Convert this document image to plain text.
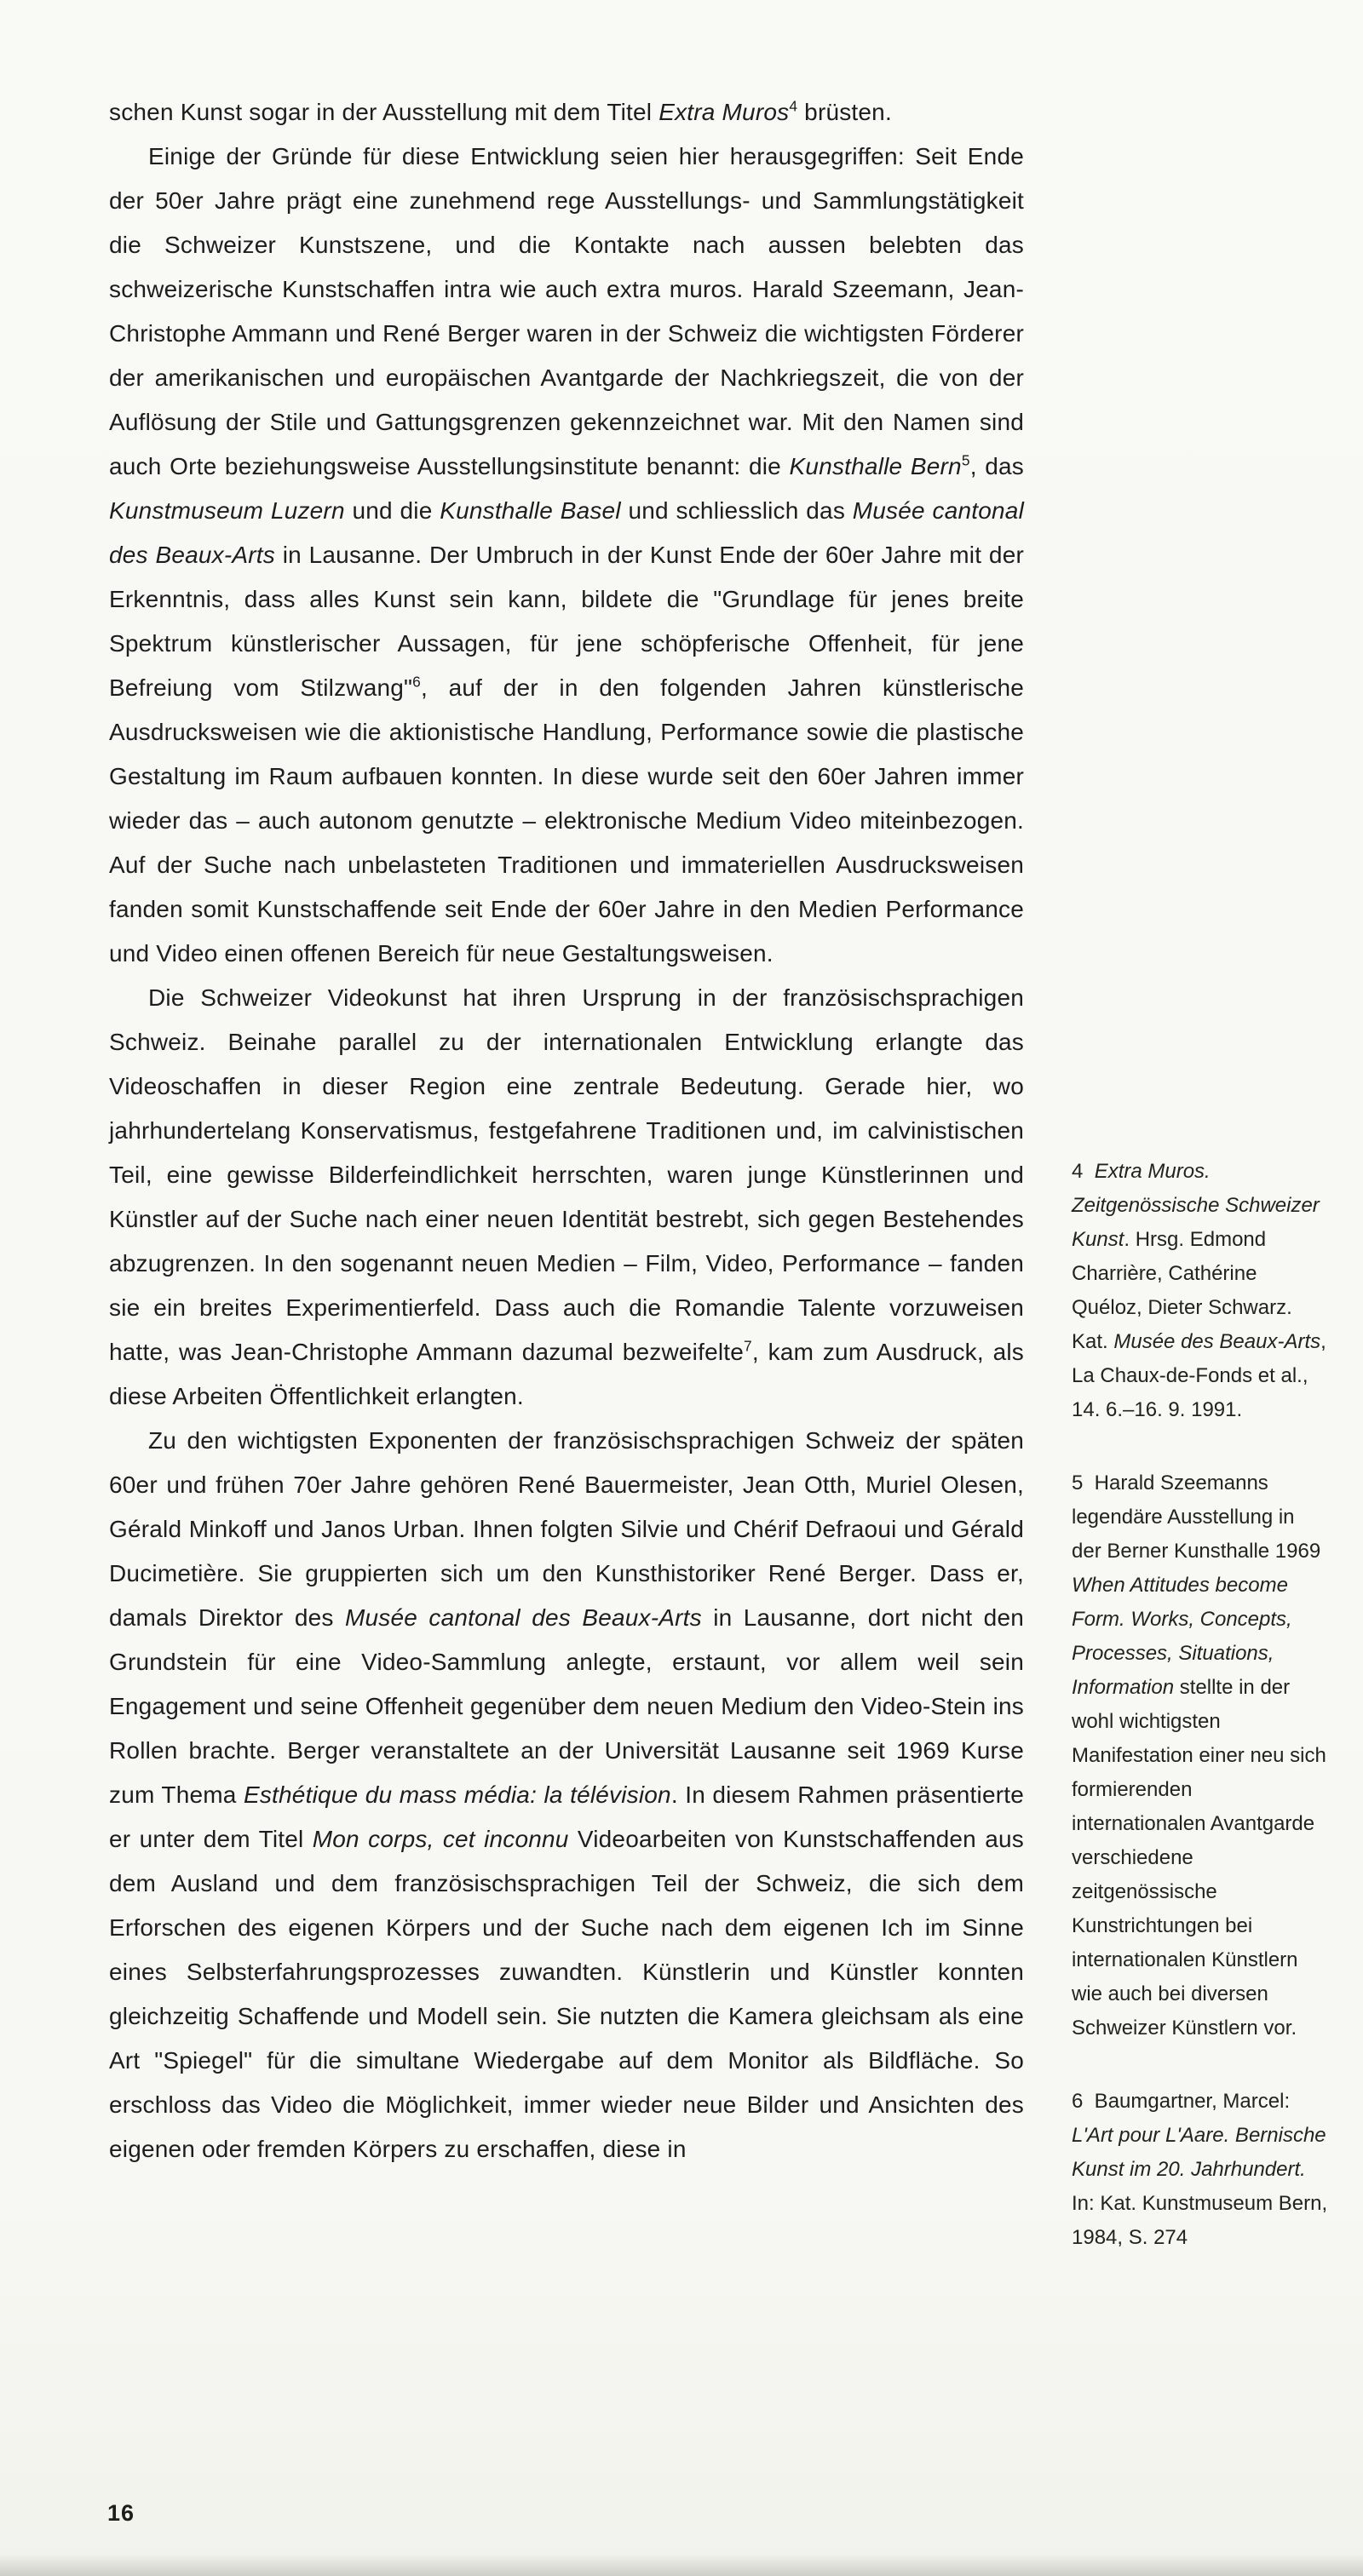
schen Kunst sogar in der Ausstellung mit dem Titel Extra Muros$^4$ brüsten.

Einige der Gründe für diese Entwicklung seien hier herausgegriffen: Seit Ende der 50er Jahre prägt eine zunehmend rege Ausstellungs- und Sammlungstätigkeit die Schweizer Kunstszene, und die Kontakte nach aussen belebten das schweizerische Kunstschaffen intra wie auch extra muros. Harald Szeemann, Jean-Christophe Ammann und René Berger waren in der Schweiz die wichtigsten Förderer der amerikanischen und europäischen Avantgarde der Nachkriegszeit, die von der Auflösung der Stile und Gattungsgrenzen gekennzeichnet war. Mit den Namen sind auch Orte beziehungsweise Ausstellungsinstitute benannt: die Kunsthalle Bern$^5$, das Kunstmuseum Luzern und die Kunsthalle Basel und schliesslich das Musée cantonal des Beaux-Arts in Lausanne. Der Umbruch in der Kunst Ende der 60er Jahre mit der Erkenntnis, dass alles Kunst sein kann, bildete die "Grundlage für jenes breite Spektrum künstlerischer Aussagen, für jene schöpferische Offenheit, für jene Befreiung vom Stilzwang"$^6$, auf der in den folgenden Jahren künstlerische Ausdrucksweisen wie die aktionistische Handlung, Performance sowie die plastische Gestaltung im Raum aufbauen konnten. In diese wurde seit den 60er Jahren immer wieder das – auch autonom genutzte – elektronische Medium Video miteinbezogen. Auf der Suche nach unbelasteten Traditionen und immateriellen Ausdrucksweisen fanden somit Kunstschaffende seit Ende der 60er Jahre in den Medien Performance und Video einen offenen Bereich für neue Gestaltungsweisen.

Die Schweizer Videokunst hat ihren Ursprung in der französischsprachigen Schweiz. Beinahe parallel zu der internationalen Entwicklung erlangte das Videoschaffen in dieser Region eine zentrale Bedeutung. Gerade hier, wo jahrhundertelang Konservatismus, festgefahrene Traditionen und, im calvinistischen Teil, eine gewisse Bilderfeindlichkeit herrschten, waren junge Künstlerinnen und Künstler auf der Suche nach einer neuen Identität bestrebt, sich gegen Bestehendes abzugrenzen. In den sogenannt neuen Medien – Film, Video, Performance – fanden sie ein breites Experimentierfeld. Dass auch die Romandie Talente vorzuweisen hatte, was Jean-Christophe Ammann dazumal bezweifelte$^7$, kam zum Ausdruck, als diese Arbeiten Öffentlichkeit erlangten.

Zu den wichtigsten Exponenten der französischsprachigen Schweiz der späten 60er und frühen 70er Jahre gehören René Bauermeister, Jean Otth, Muriel Olesen, Gérald Minkoff und Janos Urban. Ihnen folgten Silvie und Chérif Defraoui und Gérald Ducimetière. Sie gruppierten sich um den Kunsthistoriker René Berger. Dass er, damals Direktor des Musée cantonal des Beaux-Arts in Lausanne, dort nicht den Grundstein für eine Video-Sammlung anlegte, erstaunt, vor allem weil sein Engagement und seine Offenheit gegenüber dem neuen Medium den Video-Stein ins Rollen brachte. Berger veranstaltete an der Universität Lausanne seit 1969 Kurse zum Thema Esthétique du mass média: la télévision. In diesem Rahmen präsentierte er unter dem Titel Mon corps, cet inconnu Videoarbeiten von Kunstschaffenden aus dem Ausland und dem französischsprachigen Teil der Schweiz, die sich dem Erforschen des eigenen Körpers und der Suche nach dem eigenen Ich im Sinne eines Selbsterfahrungsprozesses zuwandten. Künstlerin und Künstler konnten gleichzeitig Schaffende und Modell sein. Sie nutzten die Kamera gleichsam als eine Art "Spiegel" für die simultane Wiedergabe auf dem Monitor als Bildfläche. So erschloss das Video die Möglichkeit, immer wieder neue Bilder und Ansichten des eigenen oder fremden Körpers zu erschaffen, diese in

4  Extra Muros. Zeitgenössische Schweizer Kunst. Hrsg. Edmond Charrière, Cathérine Quéloz, Dieter Schwarz. Kat. Musée des Beaux-Arts, La Chaux-de-Fonds et al., 14. 6.–16. 9. 1991.
5  Harald Szeemanns legendäre Ausstellung in der Berner Kunsthalle 1969 When Attitudes become Form. Works, Concepts, Processes, Situations, Information stellte in der wohl wichtigsten Manifestation einer neu sich formierenden internationalen Avantgarde verschiedene zeitgenössische Kunstrichtungen bei internationalen Künstlern wie auch bei diversen Schweizer Künstlern vor.
6  Baumgartner, Marcel: L'Art pour L'Aare. Bernische Kunst im 20. Jahrhundert. In: Kat. Kunstmuseum Bern, 1984, S. 274
16
